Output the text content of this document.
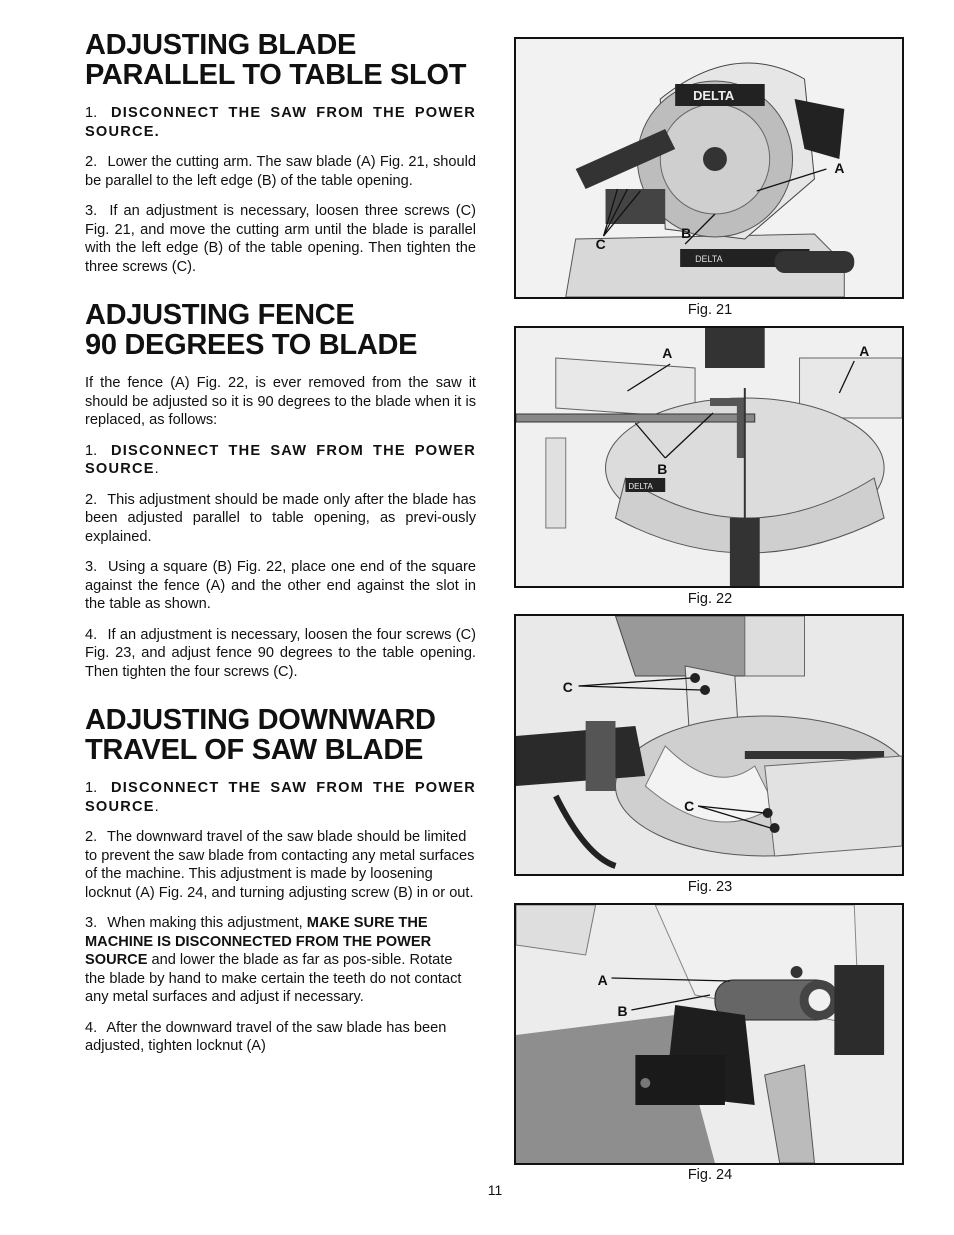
ADJUSTING BLADE
PARALLEL TO TABLE SLOT

1. DISCONNECT THE SAW FROM THE POWER SOURCE.

2. Lower the cutting arm. The saw blade (A) Fig. 21, should be parallel to the left edge (B) of the table opening.

3. If an adjustment is necessary, loosen three screws (C) Fig. 21, and move the cutting arm until the blade is parallel with the left edge (B) of the table opening. Then tighten the three screws (C).

ADJUSTING FENCE
90 DEGREES TO BLADE

If the fence (A) Fig. 22, is ever removed from the saw it should be adjusted so it is 90 degrees to the blade when it is replaced, as follows:

1. DISCONNECT THE SAW FROM THE POWER SOURCE.

2. This adjustment should be made only after the blade has been adjusted parallel to table opening, as previ-ously explained.

3. Using a square (B) Fig. 22, place one end of the square against the fence (A) and the other end against the slot in the table as shown.

4. If an adjustment is necessary, loosen the four screws (C) Fig. 23, and adjust fence 90 degrees to the table opening. Then tighten the four screws (C).

ADJUSTING DOWNWARD
TRAVEL OF SAW BLADE

1. DISCONNECT THE SAW FROM THE POWER SOURCE.

2. The downward travel of the saw blade should be limited to prevent the saw blade from contacting any metal surfaces of the machine. This adjustment is made by loosening locknut (A) Fig. 24, and turning adjusting screw (B) in or out.

3. When making this adjustment, MAKE SURE THE MACHINE IS DISCONNECTED FROM THE POWER SOURCE and lower the blade as far as pos-sible. Rotate the blade by hand to make certain the teeth do not contact any metal surfaces and adjust if necessary.

4. After the downward travel of the saw blade has been adjusted, tighten locknut (A)

DELTA
DELTA
A
B
C
Fig. 21
DELTA
A	A
B
Fig. 22
C
C
Fig. 23
A
B
Fig. 24
11
